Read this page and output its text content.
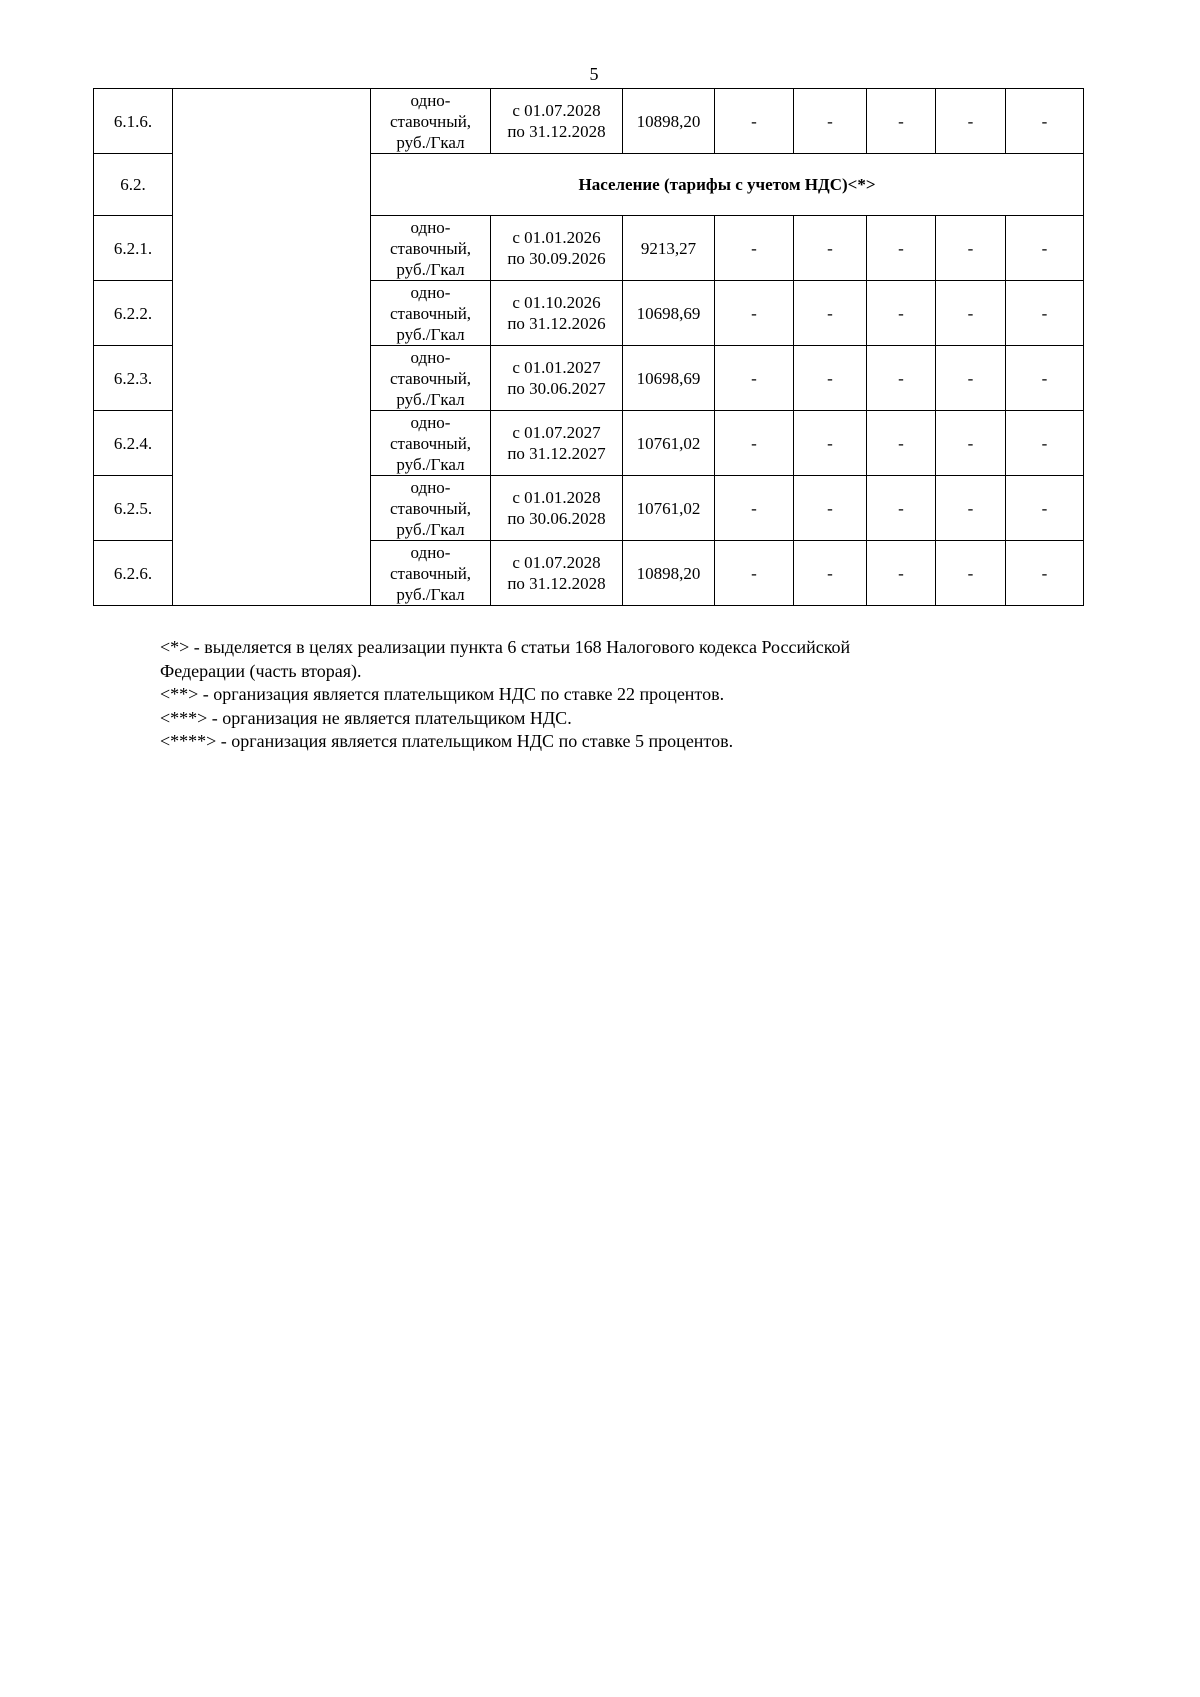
5
6.1.6.		одно-
ставочный,
руб./Гкал	с 01.07.2028
по 31.12.2028	10898,20	-	-	-	-	-
6.2.		Население (тарифы с учетом НДС)<*>							
6.2.1.		одно-
ставочный,
руб./Гкал	с 01.01.2026
по 30.09.2026	9213,27	-	-	-	-	-
6.2.2.		одно-
ставочный,
руб./Гкал	с 01.10.2026
по 31.12.2026	10698,69	-	-	-	-	-
6.2.3.		одно-
ставочный,
руб./Гкал	с 01.01.2027
по 30.06.2027	10698,69	-	-	-	-	-
6.2.4.		одно-
ставочный,
руб./Гкал	с 01.07.2027
по 31.12.2027	10761,02	-	-	-	-	-
6.2.5.		одно-
ставочный,
руб./Гкал	с 01.01.2028
по 30.06.2028	10761,02	-	-	-	-	-
6.2.6.		одно-
ставочный,
руб./Гкал	с 01.07.2028
по 31.12.2028	10898,20	-	-	-	-	-

<*> - выделяется в целях реализации пункта 6 статьи 168 Налогового кодекса Российской

Федерации (часть вторая).

<**> - организация является плательщиком НДС по ставке 22 процентов.

<***> - организация не является плательщиком НДС.

<****> - организация является плательщиком НДС по ставке 5 процентов.
